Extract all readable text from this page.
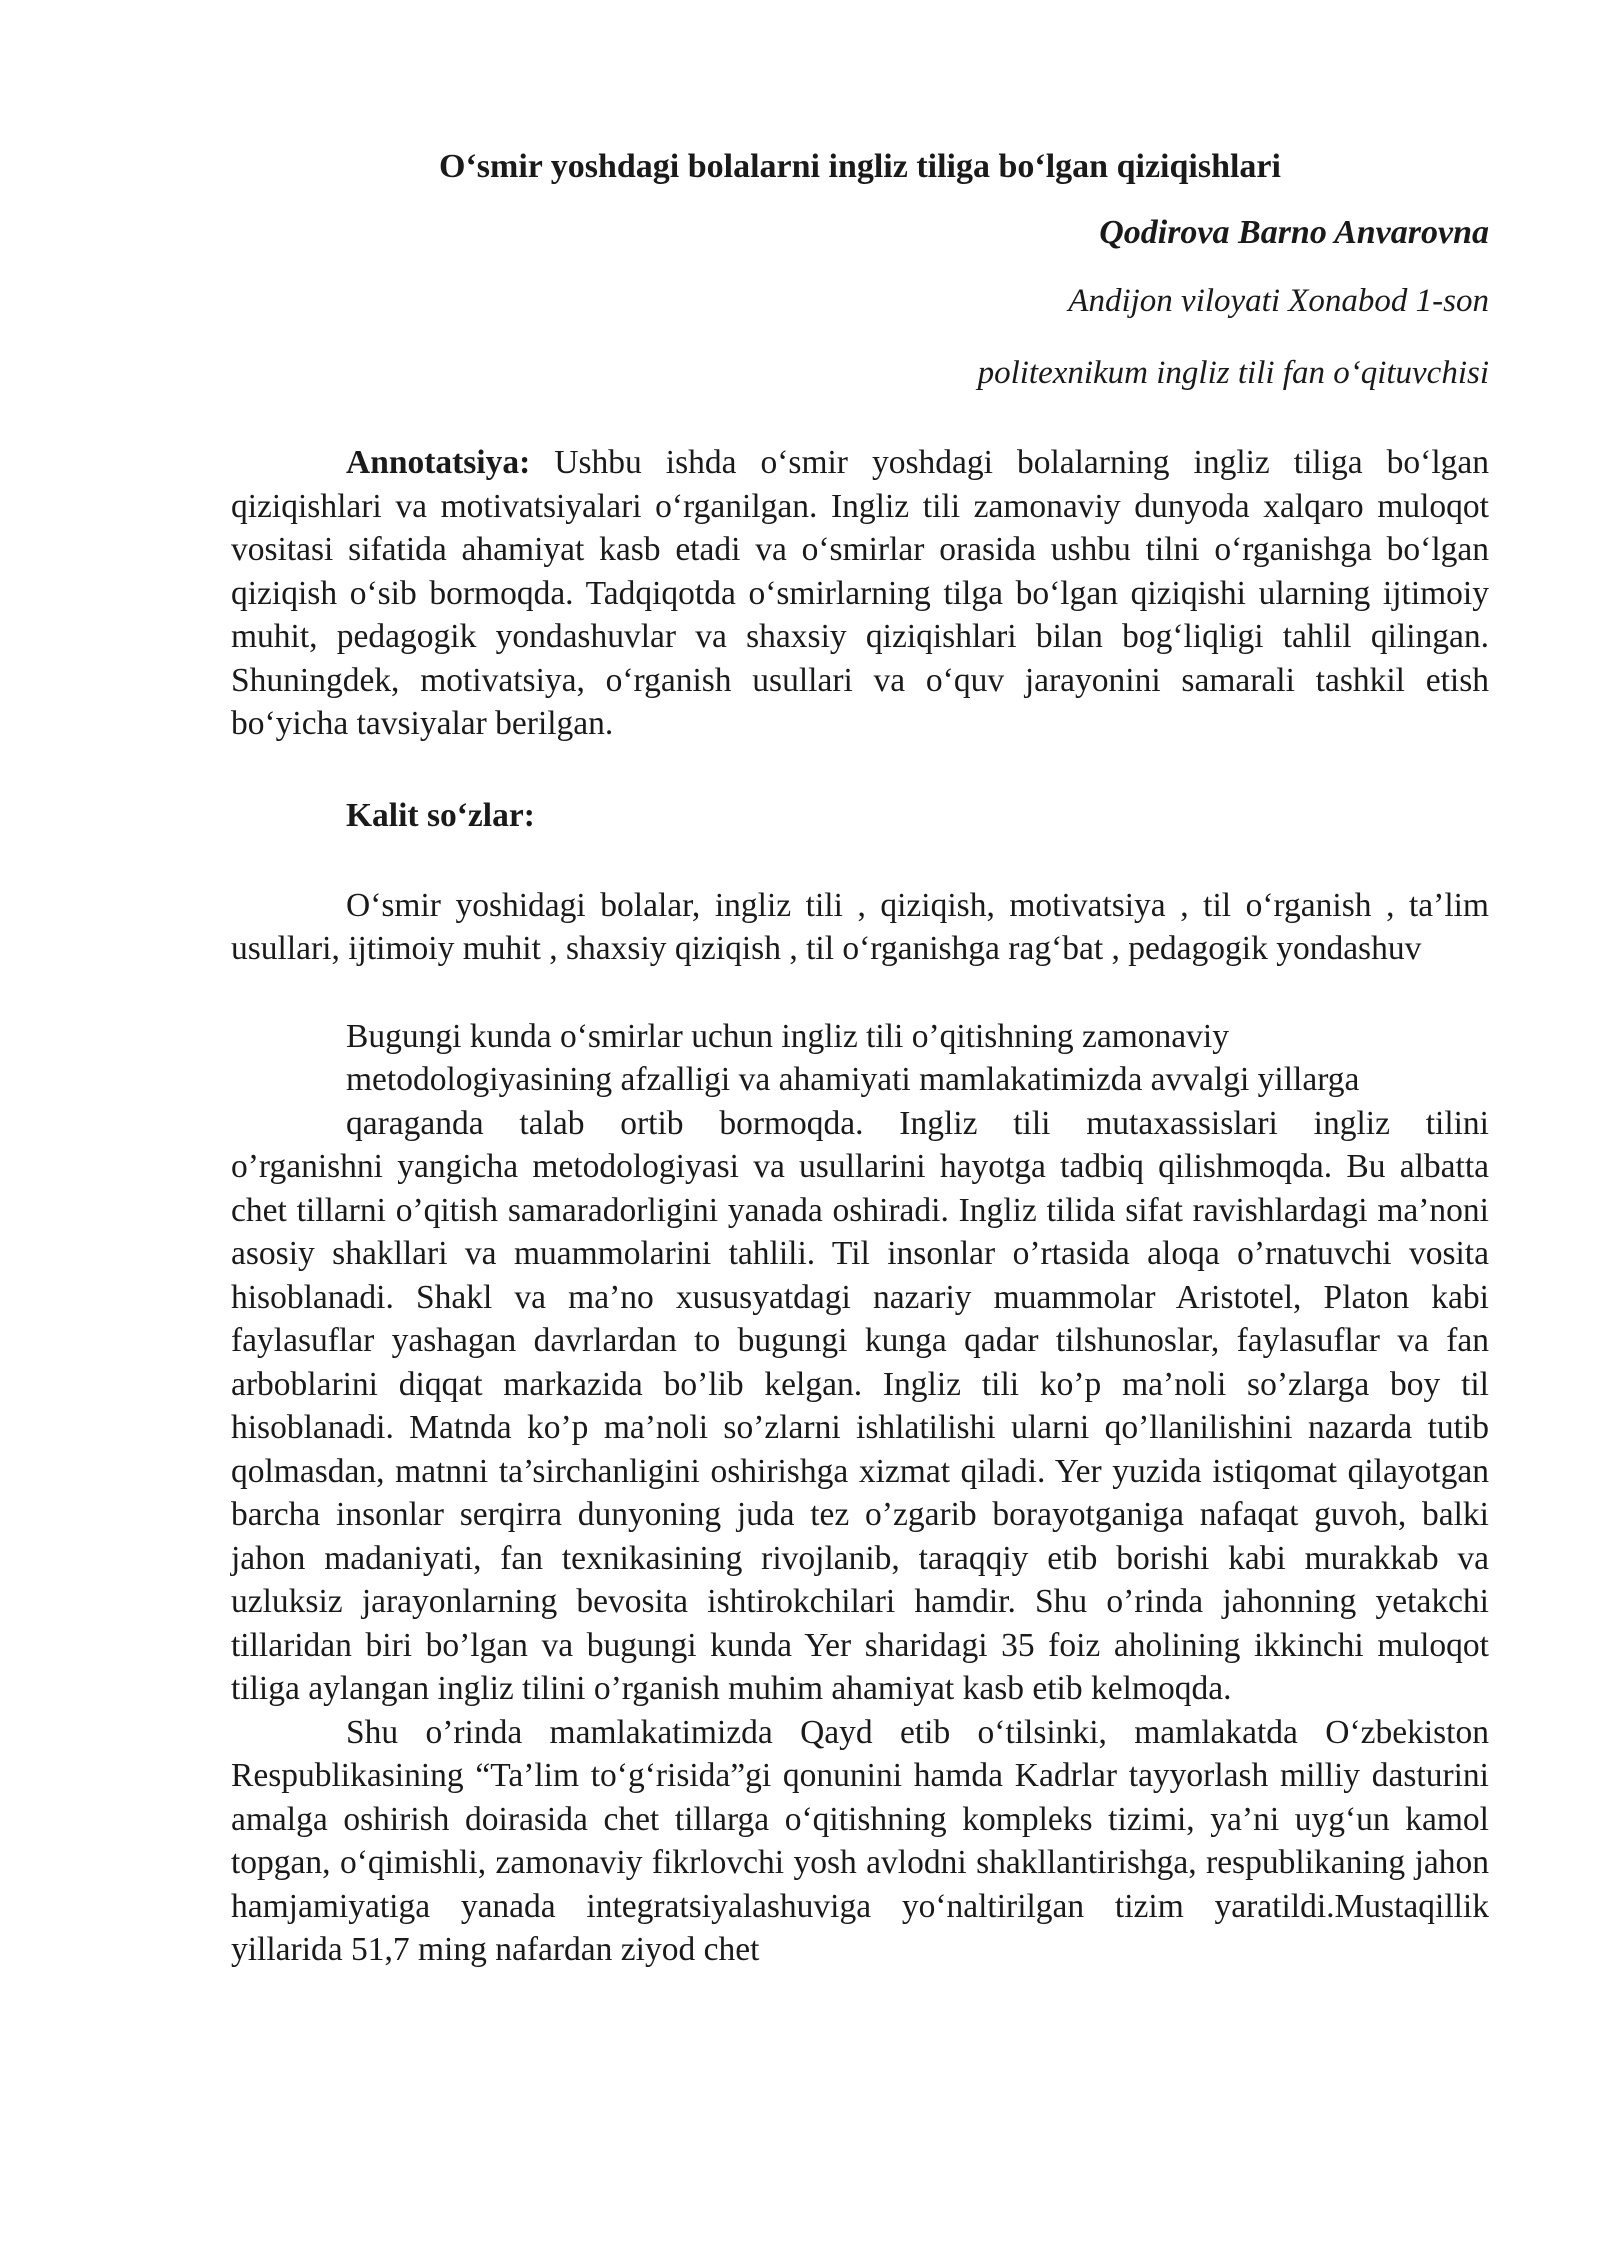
O‘smir yoshdagi bolalarni ingliz tiliga bo‘lgan qiziqishlari

Qodirova Barno Anvarovna

Andijon viloyati Xonabod 1-son

politexnikum ingliz tili fan o‘qituvchisi

Annotatsiya: Ushbu ishda o‘smir yoshdagi bolalarning ingliz tiliga bo‘lgan qiziqishlari va motivatsiyalari o‘rganilgan. Ingliz tili zamonaviy dunyoda xalqaro muloqot vositasi sifatida ahamiyat kasb etadi va o‘smirlar orasida ushbu tilni o‘rganishga bo‘lgan qiziqish o‘sib bormoqda. Tadqiqotda o‘smirlarning tilga bo‘lgan qiziqishi ularning ijtimoiy muhit, pedagogik yondashuvlar va shaxsiy qiziqishlari bilan bog‘liqligi tahlil qilingan. Shuningdek, motivatsiya, o‘rganish usullari va o‘quv jarayonini samarali tashkil etish bo‘yicha tavsiyalar berilgan.

Kalit so‘zlar:

O‘smir yoshidagi bolalar, ingliz tili , qiziqish, motivatsiya , til o‘rganish , ta’lim usullari, ijtimoiy muhit , shaxsiy qiziqish , til o‘rganishga rag‘bat , pedagogik yondashuv

Bugungi kunda o‘smirlar uchun ingliz tili o’qitishning zamonaviy
metodologiyasining afzalligi va ahamiyati mamlakatimizda avvalgi yillarga
qaraganda talab ortib bormoqda. Ingliz tili mutaxassislari ingliz tilini

o’rganishni yangicha metodologiyasi va usullarini hayotga tadbiq qilishmoqda. Bu albatta chet tillarni o’qitish samaradorligini yanada oshiradi. Ingliz tilida sifat ravishlardagi ma’noni asosiy shakllari va muammolarini tahlili. Til insonlar o’rtasida aloqa o’rnatuvchi vosita hisoblanadi. Shakl va ma’no xususyatdagi nazariy muammolar Aristotel, Platon kabi faylasuflar yashagan davrlardan to bugungi kunga qadar tilshunoslar, faylasuflar va fan arboblarini diqqat markazida bo’lib kelgan. Ingliz tili ko’p ma’noli so’zlarga boy til hisoblanadi. Matnda ko’p ma’noli so’zlarni ishlatilishi ularni qo’llanilishini nazarda tutib qolmasdan, matnni ta’sirchanligini oshirishga xizmat qiladi. Yer yuzida istiqomat qilayotgan barcha insonlar serqirra dunyoning juda tez o’zgarib borayotganiga nafaqat guvoh, balki jahon madaniyati, fan texnikasining rivojlanib, taraqqiy etib borishi kabi murakkab va uzluksiz jarayonlarning bevosita ishtirokchilari hamdir. Shu o’rinda jahonning yetakchi tillaridan biri bo’lgan va bugungi kunda Yer sharidagi 35 foiz aholining ikkinchi muloqot tiliga aylangan ingliz tilini o’rganish muhim ahamiyat kasb etib kelmoqda.

Shu o’rinda mamlakatimizda Qayd etib o‘tilsinki, mamlakatda O‘zbekiston Respublikasining “Ta’lim to‘g‘risida”gi qonunini hamda Kadrlar tayyorlash milliy dasturini amalga oshirish doirasida chet tillarga o‘qitishning kompleks tizimi, ya’ni uyg‘un kamol topgan, o‘qimishli, zamonaviy fikrlovchi yosh avlodni shakllantirishga, respublikaning jahon hamjamiyatiga yanada integratsiyalashuviga yo‘naltirilgan tizim yaratildi.Mustaqillik yillarida 51,7 ming nafardan ziyod chet
